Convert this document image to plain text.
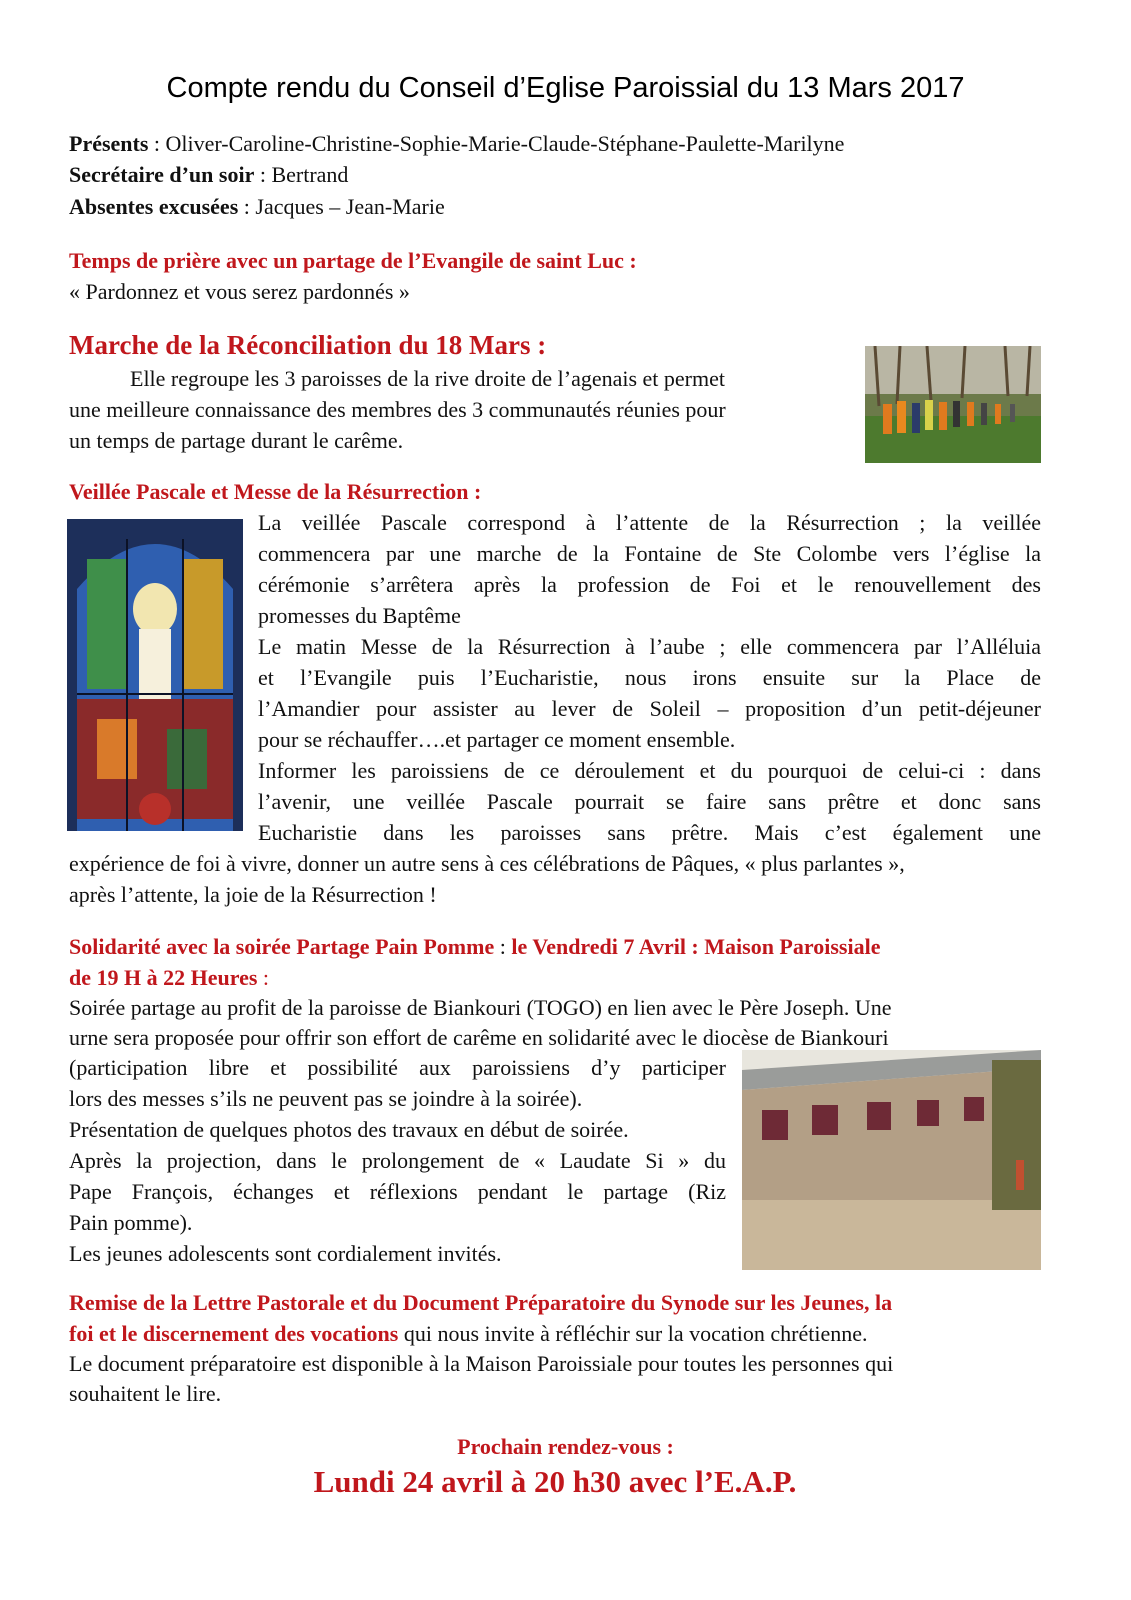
Compte rendu du Conseil d’Eglise Paroissial du 13 Mars 2017
Présents : Oliver-Caroline-Christine-Sophie-Marie-Claude-Stéphane-Paulette-Marilyne
Secrétaire d’un soir : Bertrand
Absentes excusées : Jacques – Jean-Marie
Temps de prière avec un partage de l’Evangile de saint Luc :
« Pardonnez et vous serez pardonnés »
Marche de la Réconciliation du 18 Mars :
Elle regroupe les 3 paroisses de la rive droite de l’agenais et permet
une meilleure connaissance des membres des 3 communautés réunies pour
un temps de partage durant le carême.
Veillée Pascale et Messe de la Résurrection :
La veillée Pascale correspond à l’attente de la Résurrection ; la veillée
commencera par une marche de la Fontaine de Ste Colombe vers l’église la
cérémonie s’arrêtera après la profession de Foi et le renouvellement des
promesses du Baptême
Le matin Messe de la Résurrection à l’aube ; elle commencera par l’Alléluia
et l’Evangile puis l’Eucharistie, nous irons ensuite sur la Place de
l’Amandier pour assister au lever de Soleil – proposition d’un petit-déjeuner
pour se réchauffer….et partager ce moment ensemble.
Informer les paroissiens de ce déroulement et du pourquoi de celui-ci : dans
l’avenir, une veillée Pascale pourrait se faire sans prêtre et donc sans
Eucharistie dans les paroisses sans prêtre. Mais c’est également une
expérience de foi à vivre, donner un autre sens à ces célébrations de Pâques, « plus parlantes »,
après l’attente, la joie de la Résurrection !
Solidarité avec la soirée Partage Pain Pomme : le Vendredi 7 Avril : Maison Paroissiale
de 19 H à 22 Heures :
Soirée partage au profit de la paroisse de Biankouri (TOGO) en lien avec le Père Joseph. Une
urne sera proposée pour offrir son effort de carême en solidarité avec le diocèse de Biankouri
(participation libre et possibilité aux paroissiens d’y participer
lors des messes s’ils ne peuvent pas se joindre à la soirée).
Présentation de quelques photos des travaux en début de soirée.
Après la projection, dans le prolongement de « Laudate Si » du
Pape François, échanges et réflexions pendant le partage (Riz
Pain pomme).
Les jeunes adolescents sont cordialement invités.
Remise de la Lettre Pastorale et du Document Préparatoire du Synode sur les Jeunes, la
foi et le discernement des vocations qui nous invite à réfléchir sur la vocation chrétienne.
Le document préparatoire est disponible à la Maison Paroissiale pour toutes les personnes qui
souhaitent le lire.
Prochain rendez-vous :
Lundi 24 avril à 20 h30 avec l’E.A.P.
